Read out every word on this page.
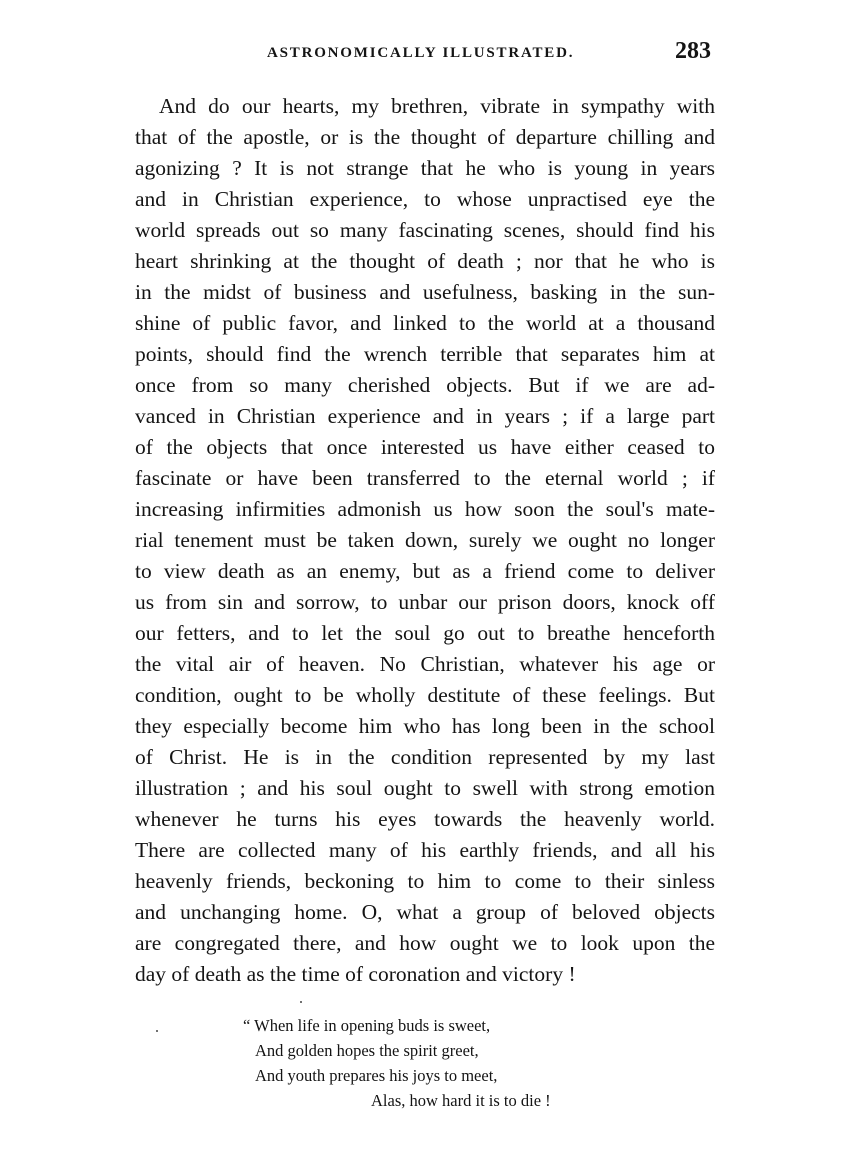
ASTRONOMICALLY ILLUSTRATED.	283
And do our hearts, my brethren, vibrate in sympathy with
that of the apostle, or is the thought of departure chilling and
agonizing ? It is not strange that he who is young in years
and in Christian experience, to whose unpractised eye the
world spreads out so many fascinating scenes, should find his
heart shrinking at the thought of death ; nor that he who is
in the midst of business and usefulness, basking in the sun-
shine of public favor, and linked to the world at a thousand
points, should find the wrench terrible that separates him at
once from so many cherished objects. But if we are ad-
vanced in Christian experience and in years ; if a large part
of the objects that once interested us have either ceased to
fascinate or have been transferred to the eternal world ; if
increasing infirmities admonish us how soon the soul's mate-
rial tenement must be taken down, surely we ought no longer
to view death as an enemy, but as a friend come to deliver
us from sin and sorrow, to unbar our prison doors, knock off
our fetters, and to let the soul go out to breathe henceforth
the vital air of heaven. No Christian, whatever his age or
condition, ought to be wholly destitute of these feelings. But
they especially become him who has long been in the school
of Christ. He is in the condition represented by my last
illustration ; and his soul ought to swell with strong emotion
whenever he turns his eyes towards the heavenly world.
There are collected many of his earthly friends, and all his
heavenly friends, beckoning to him to come to their sinless
and unchanging home. O, what a group of beloved objects
are congregated there, and how ought we to look upon the
day of death as the time of coronation and victory !
“ When life in opening buds is sweet,
And golden hopes the spirit greet,
And youth prepares his joys to meet,
Alas, how hard it is to die !
